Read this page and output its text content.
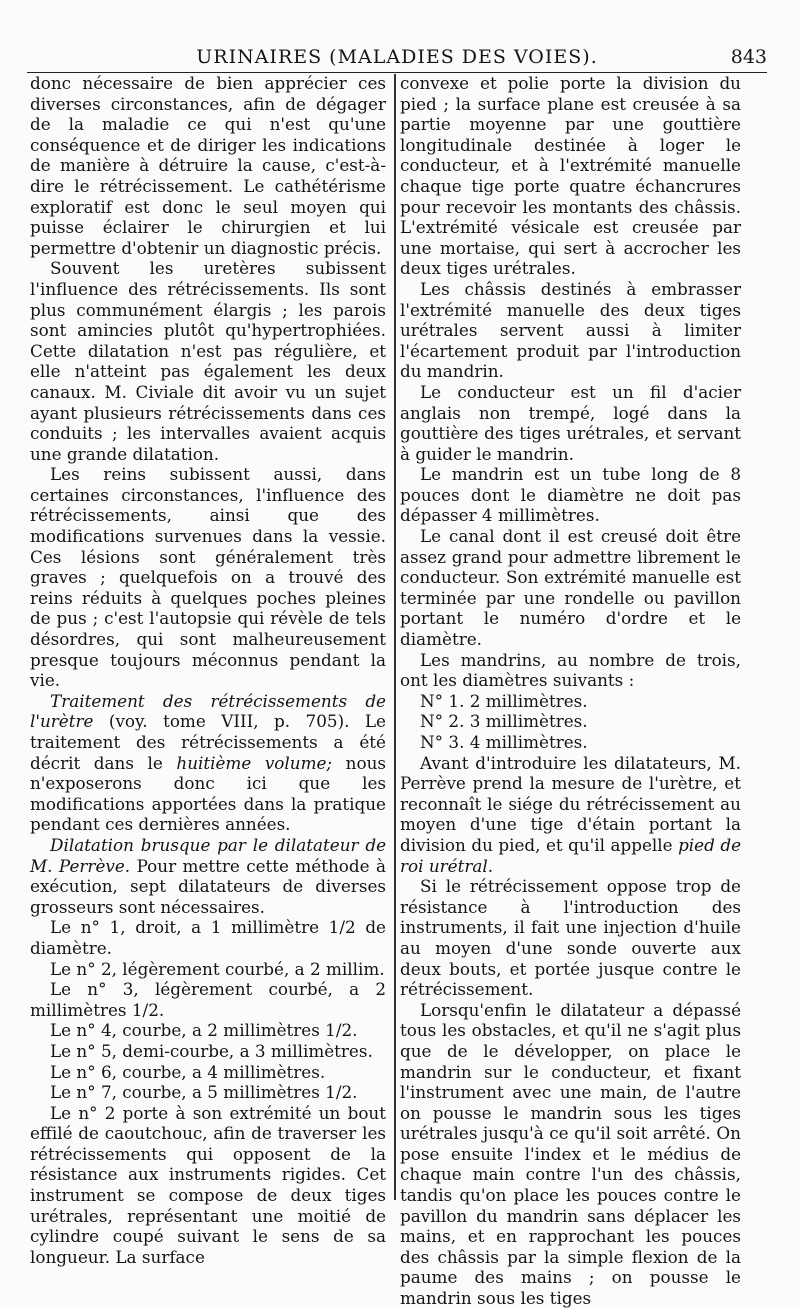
URINAIRES (MALADIES DES VOIES).	843

donc nécessaire de bien apprécier ces diverses circonstances, afin de dégager de la maladie ce qui n'est qu'une conséquence et de diriger les indications de manière à détruire la cause, c'est-à-dire le rétrécissement. Le cathétérisme exploratif est donc le seul moyen qui puisse éclairer le chirurgien et lui permettre d'obtenir un diagnostic précis.

Souvent les uretères subissent l'influence des rétrécissements. Ils sont plus communément élargis ; les parois sont amincies plutôt qu'hypertrophiées. Cette dilatation n'est pas régulière, et elle n'atteint pas également les deux canaux. M. Civiale dit avoir vu un sujet ayant plusieurs rétrécissements dans ces conduits ; les intervalles avaient acquis une grande dilatation.

Les reins subissent aussi, dans certaines circonstances, l'influence des rétrécissements, ainsi que des modifications survenues dans la vessie. Ces lésions sont généralement très graves ; quelquefois on a trouvé des reins réduits à quelques poches pleines de pus ; c'est l'autopsie qui révèle de tels désordres, qui sont malheureusement presque toujours méconnus pendant la vie.

Traitement des rétrécissements de l'urètre (voy. tome VIII, p. 705). Le traitement des rétrécissements a été décrit dans le huitième volume; nous n'exposerons donc ici que les modifications apportées dans la pratique pendant ces dernières années.

Dilatation brusque par le dilatateur de M. Perrève. Pour mettre cette méthode à exécution, sept dilatateurs de diverses grosseurs sont nécessaires.

Le n° 1, droit, a 1 millimètre 1/2 de diamètre.

Le n° 2, légèrement courbé, a 2 millim.

Le n° 3, légèrement courbé, a 2 millimètres 1/2.

Le n° 4, courbe, a 2 millimètres 1/2.

Le n° 5, demi-courbe, a 3 millimètres.

Le n° 6, courbe, a 4 millimètres.

Le n° 7, courbe, a 5 millimètres 1/2.

Le n° 2 porte à son extrémité un bout effilé de caoutchouc, afin de traverser les rétrécissements qui opposent de la résistance aux instruments rigides. Cet instrument se compose de deux tiges urétrales, représentant une moitié de cylindre coupé suivant le sens de sa longueur. La surface

convexe et polie porte la division du pied ; la surface plane est creusée à sa partie moyenne par une gouttière longitudinale destinée à loger le conducteur, et à l'extrémité manuelle chaque tige porte quatre échancrures pour recevoir les montants des châssis. L'extrémité vésicale est creusée par une mortaise, qui sert à accrocher les deux tiges urétrales.

Les châssis destinés à embrasser l'extrémité manuelle des deux tiges urétrales servent aussi à limiter l'écartement produit par l'introduction du mandrin.

Le conducteur est un fil d'acier anglais non trempé, logé dans la gouttière des tiges urétrales, et servant à guider le mandrin.

Le mandrin est un tube long de 8 pouces dont le diamètre ne doit pas dépasser 4 millimètres.

Le canal dont il est creusé doit être assez grand pour admettre librement le conducteur. Son extrémité manuelle est terminée par une rondelle ou pavillon portant le numéro d'ordre et le diamètre.

Les mandrins, au nombre de trois, ont les diamètres suivants :

N° 1. 2 millimètres.

N° 2. 3 millimètres.

N° 3. 4 millimètres.

Avant d'introduire les dilatateurs, M. Perrève prend la mesure de l'urètre, et reconnaît le siége du rétrécissement au moyen d'une tige d'étain portant la division du pied, et qu'il appelle pied de roi urétral.

Si le rétrécissement oppose trop de résistance à l'introduction des instruments, il fait une injection d'huile au moyen d'une sonde ouverte aux deux bouts, et portée jusque contre le rétrécissement.

Lorsqu'enfin le dilatateur a dépassé tous les obstacles, et qu'il ne s'agit plus que de le développer, on place le mandrin sur le conducteur, et fixant l'instrument avec une main, de l'autre on pousse le mandrin sous les tiges urétrales jusqu'à ce qu'il soit arrêté. On pose ensuite l'index et le médius de chaque main contre l'un des châssis, tandis qu'on place les pouces contre le pavillon du mandrin sans déplacer les mains, et en rapprochant les pouces des châssis par la simple flexion de la paume des mains ; on pousse le mandrin sous les tiges
